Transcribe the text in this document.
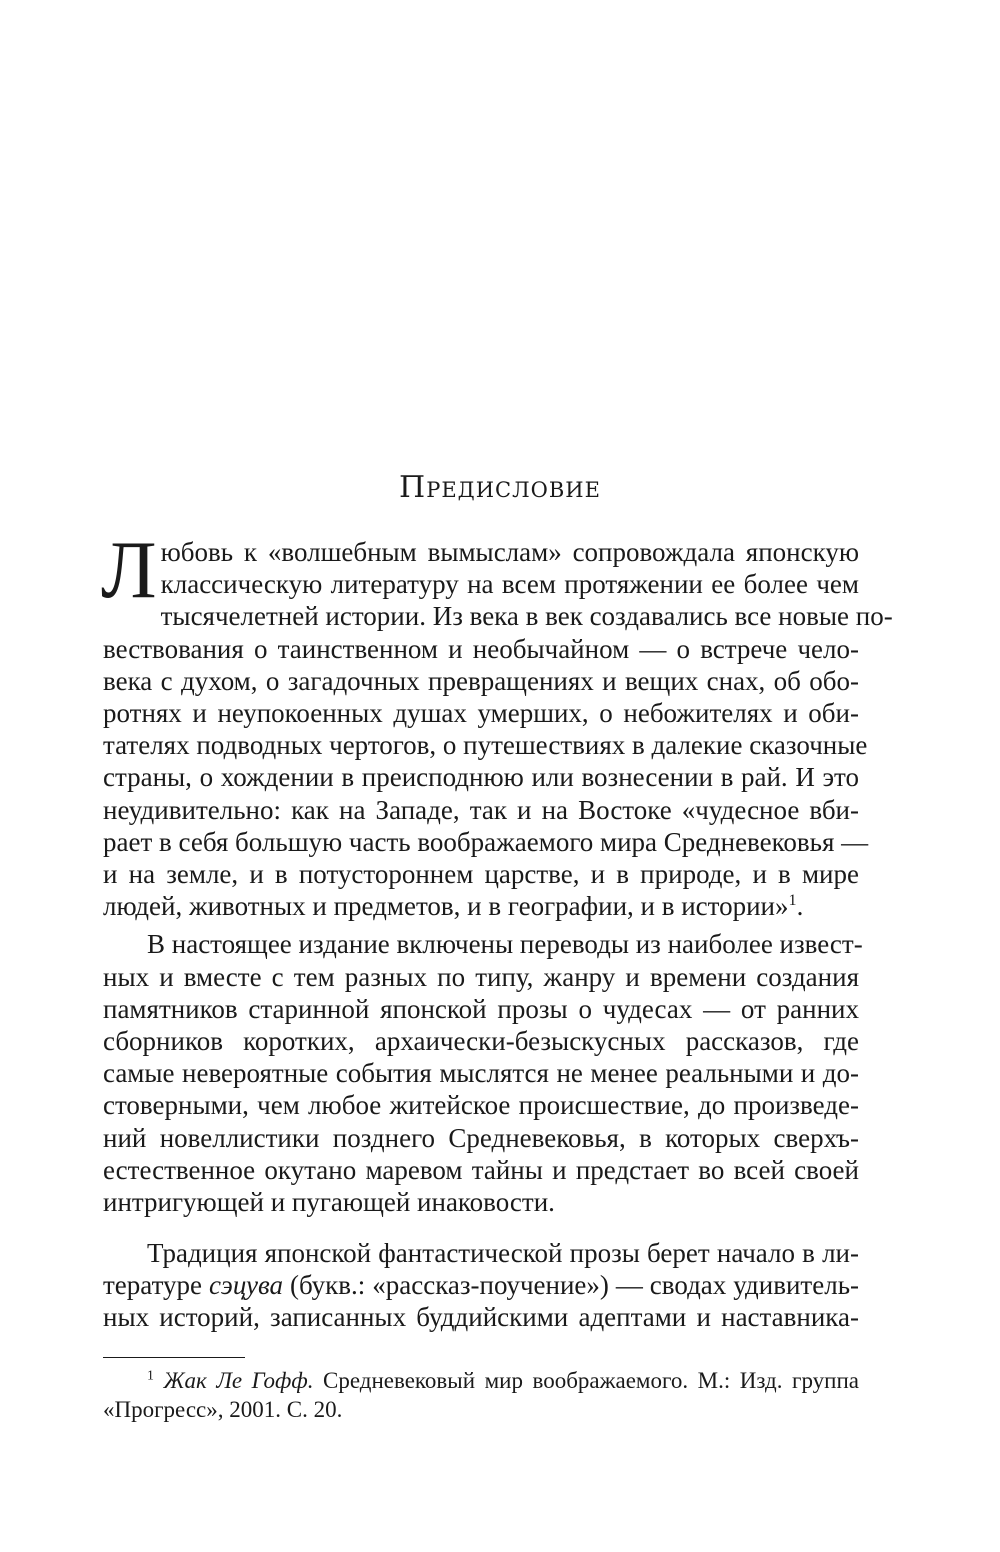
Предисловие
Л юбовь к «волшебным вымыслам» сопровождала японскую
классическую литературу на всем протяжении ее более чем
тысячелетней истории. Из века в век создавались все новые по-
вествования о таинственном и необычайном — о встрече чело-
века с духом, о загадочных превращениях и вещих снах, об обо-
ротнях и неупокоенных душах умерших, о небожителях и оби-
тателях подводных чертогов, о путешествиях в далекие сказочные
страны, о хождении в преисподнюю или вознесении в рай. И это
неудивительно: как на Западе, так и на Востоке «чудесное вби-
рает в себя большую часть воображаемого мира Средневековья —
и на земле, и в потустороннем царстве, и в природе, и в мире
людей, животных и предметов, и в географии, и в истории»$^1$.
В настоящее издание включены переводы из наиболее извест-
ных и вместе с тем разных по типу, жанру и времени создания
памятников старинной японской прозы о чудесах — от ранних
сборников коротких, архаически-безыскусных рассказов, где
самые невероятные события мыслятся не менее реальными и до-
стоверными, чем любое житейское происшествие, до произведе-
ний новеллистики позднего Средневековья, в которых сверхъ-
естественное окутано маревом тайны и предстает во всей своей
интригующей и пугающей инаковости.
Традиция японской фантастической прозы берет начало в ли-
тературе сэцува (букв.: «рассказ-поучение») — сводах удивитель-
ных историй, записанных буддийскими адептами и наставника-
$^1$ Жак Ле Гофф. Средневековый мир воображаемого. М.: Изд. группа
«Прогресс», 2001. С. 20.
